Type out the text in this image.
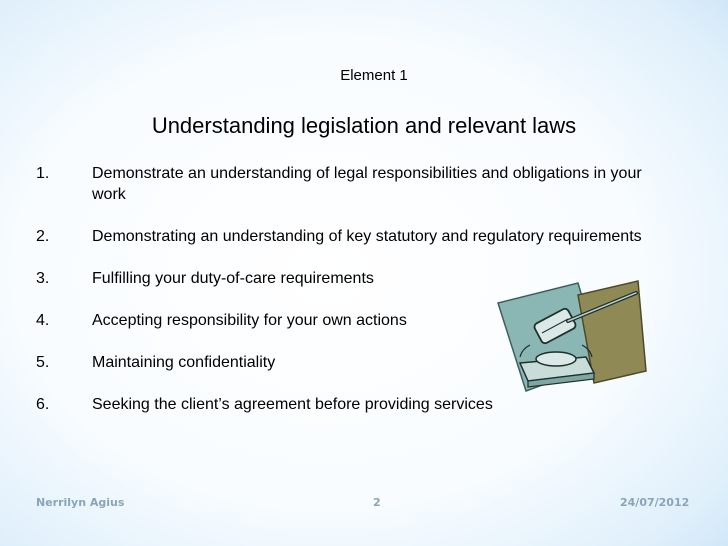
Element 1
Understanding legislation and relevant laws
1.	Demonstrate an understanding of legal responsibilities and obligations in your work
2.	Demonstrating an understanding of key statutory and regulatory requirements
3.	Fulfilling your duty-of-care requirements
4.	Accepting responsibility for your own actions
5.	Maintaining confidentiality
6.	Seeking the client’s agreement before providing services
Nerrilyn Agius	2	24/07/2012
